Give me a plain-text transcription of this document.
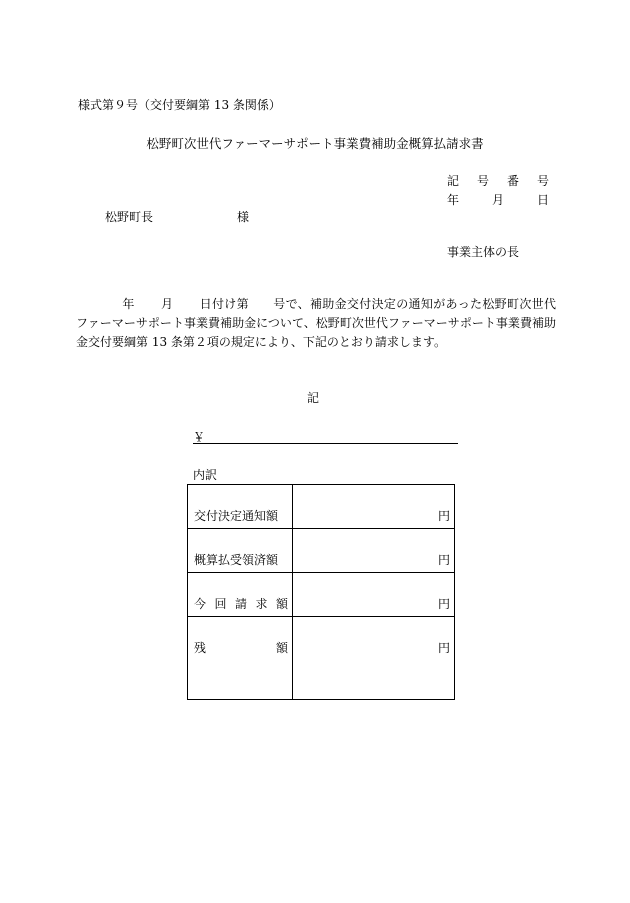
様式第９号（交付要綱第 13 条関係）
松野町次世代ファーマーサポート事業費補助金概算払請求書
記 号 番 号
年	月	日
松野町長	様
事業主体の長
年 月 日付け第 号で、補助金交付決定の通知があった松野町次世代ファーマーサポート事業費補助金について、松野町次世代ファーマーサポート事業費補助金交付要綱第 13 条第２項の規定により、下記のとおり請求します。
記
￥
内訳
交付決定通知額	円
概算払受領済額	円

今 回 請 求 額	円

残 額	円
